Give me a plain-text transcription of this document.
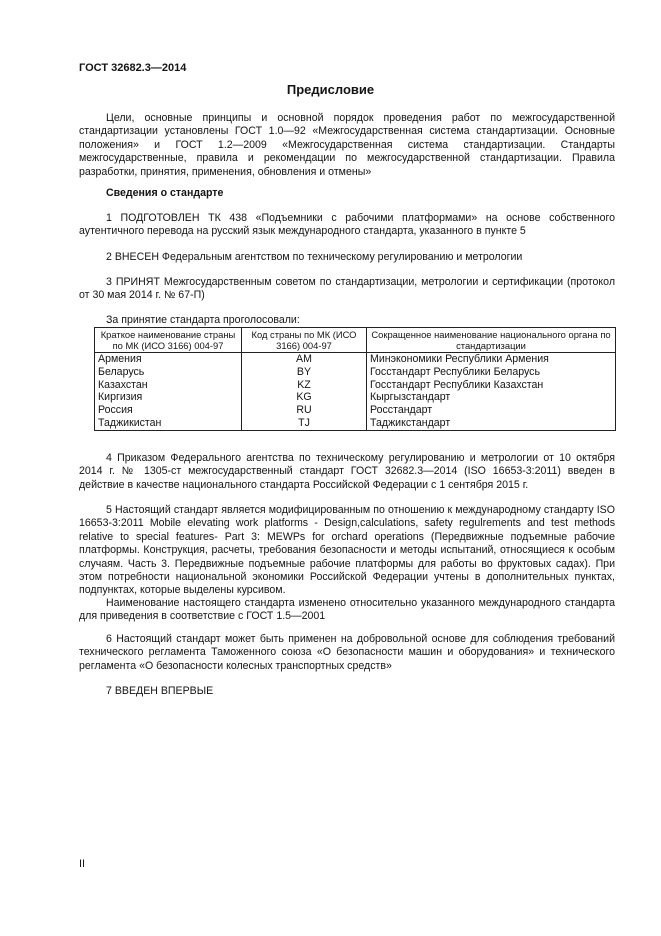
ГОСТ 32682.3—2014
Предисловие
Цели, основные принципы и основной порядок проведения работ по межгосударственной стандартизации установлены ГОСТ 1.0—92 «Межгосударственная система стандартизации. Основные положения» и ГОСТ 1.2—2009 «Межгосударственная система стандартизации. Стандарты межгосударственные, правила и рекомендации по межгосударственной стандартизации. Правила разработки, принятия, применения, обновления и отмены»
Сведения о стандарте
1 ПОДГОТОВЛЕН ТК 438 «Подъемники с рабочими платформами» на основе собственного аутентичного перевода на русский язык международного стандарта, указанного в пункте 5
2 ВНЕСЕН Федеральным агентством по техническому регулированию и метрологии
3 ПРИНЯТ Межгосударственным советом по стандартизации, метрологии и сертификации (протокол от 30 мая 2014 г. № 67-П)
За принятие стандарта проголосовали:
Краткое наименование страны по МК (ИСО 3166) 004-97	Код страны по МК (ИСО 3166) 004-97	Сокращенное наименование национального органа по стандартизации
Армения	AM	Минэкономики Республики Армения
Беларусь	BY	Госстандарт Республики Беларусь
Казахстан	KZ	Госстандарт Республики Казахстан
Киргизия	KG	Кыргызстандарт
Россия	RU	Росстандарт
Таджикистан	TJ	Таджикстандарт
4 Приказом Федерального агентства по техническому регулированию и метрологии от 10 октября 2014 г. № 1305-ст межгосударственный стандарт ГОСТ 32682.3—2014 (ISO 16653-3:2011) введен в действие в качестве национального стандарта Российской Федерации с 1 сентября 2015 г.
5 Настоящий стандарт является модифицированным по отношению к международному стандарту ISO 16653-3:2011 Mobile elevating work platforms - Design,calculations, safety regulrements and test methods relative to special features- Part 3: MEWPs for orchard operations (Передвижные подъемные рабочие платформы. Конструкция, расчеты, требования безопасности и методы испытаний, относящиеся к особым случаям. Часть 3. Передвижные подъемные рабочие платформы для работы во фруктовых садах). При этом потребности национальной экономики Российской Федерации учтены в дополнительных пунктах, подпунктах, которые выделены курсивом.
Наименование настоящего стандарта изменено относительно указанного международного стандарта для приведения в соответствие с ГОСТ 1.5—2001
6 Настоящий стандарт может быть применен на добровольной основе для соблюдения требований технического регламента Таможенного союза «О безопасности машин и оборудования» и технического регламента «О безопасности колесных транспортных средств»
7 ВВЕДЕН ВПЕРВЫЕ
II
